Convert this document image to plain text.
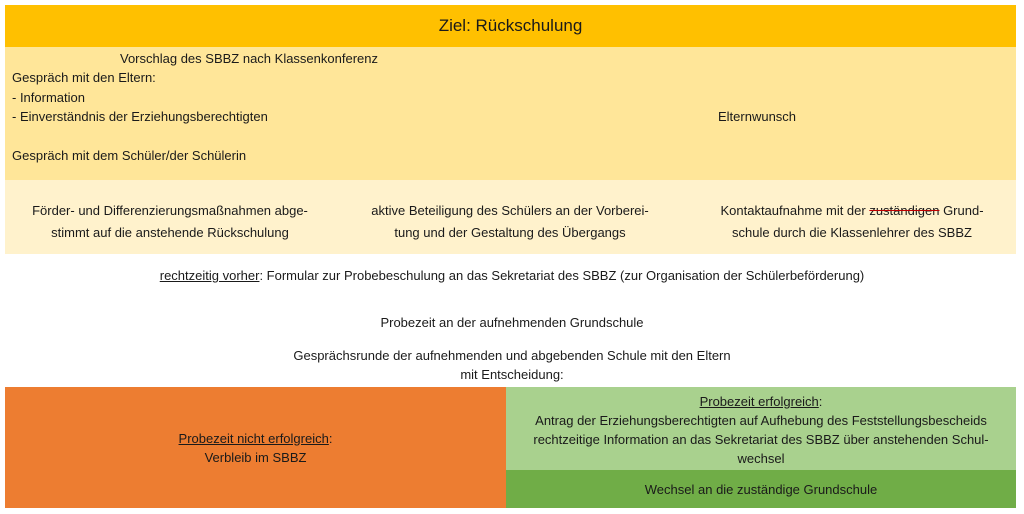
Ziel: Rückschulung
Vorschlag des SBBZ nach Klassenkonferenz
Gespräch mit den Eltern:
- Information
- Einverständnis der Erziehungsberechtigten
Gespräch mit dem Schüler/der Schülerin
Elternwunsch
Förder- und Differenzierungsmaßnahmen abge-
stimmt auf die anstehende Rückschulung
aktive Beteiligung des Schülers an der Vorberei-
tung und der Gestaltung des Übergangs
Kontaktaufnahme mit der zuständigen Grund-
schule durch die Klassenlehrer des SBBZ
rechtzeitig vorher: Formular zur Probebeschulung an das Sekretariat des SBBZ (zur Organisation der Schülerbeförderung)
Probezeit an der aufnehmenden Grundschule
Gesprächsrunde der aufnehmenden und abgebenden Schule mit den Eltern
mit Entscheidung:
Probezeit nicht erfolgreich:
Verbleib im SBBZ
Probezeit erfolgreich:
Antrag der Erziehungsberechtigten auf Aufhebung des Feststellungsbescheids
rechtzeitige Information an das Sekretariat des SBBZ über anstehenden Schul-
wechsel
Wechsel an die zuständige Grundschule
